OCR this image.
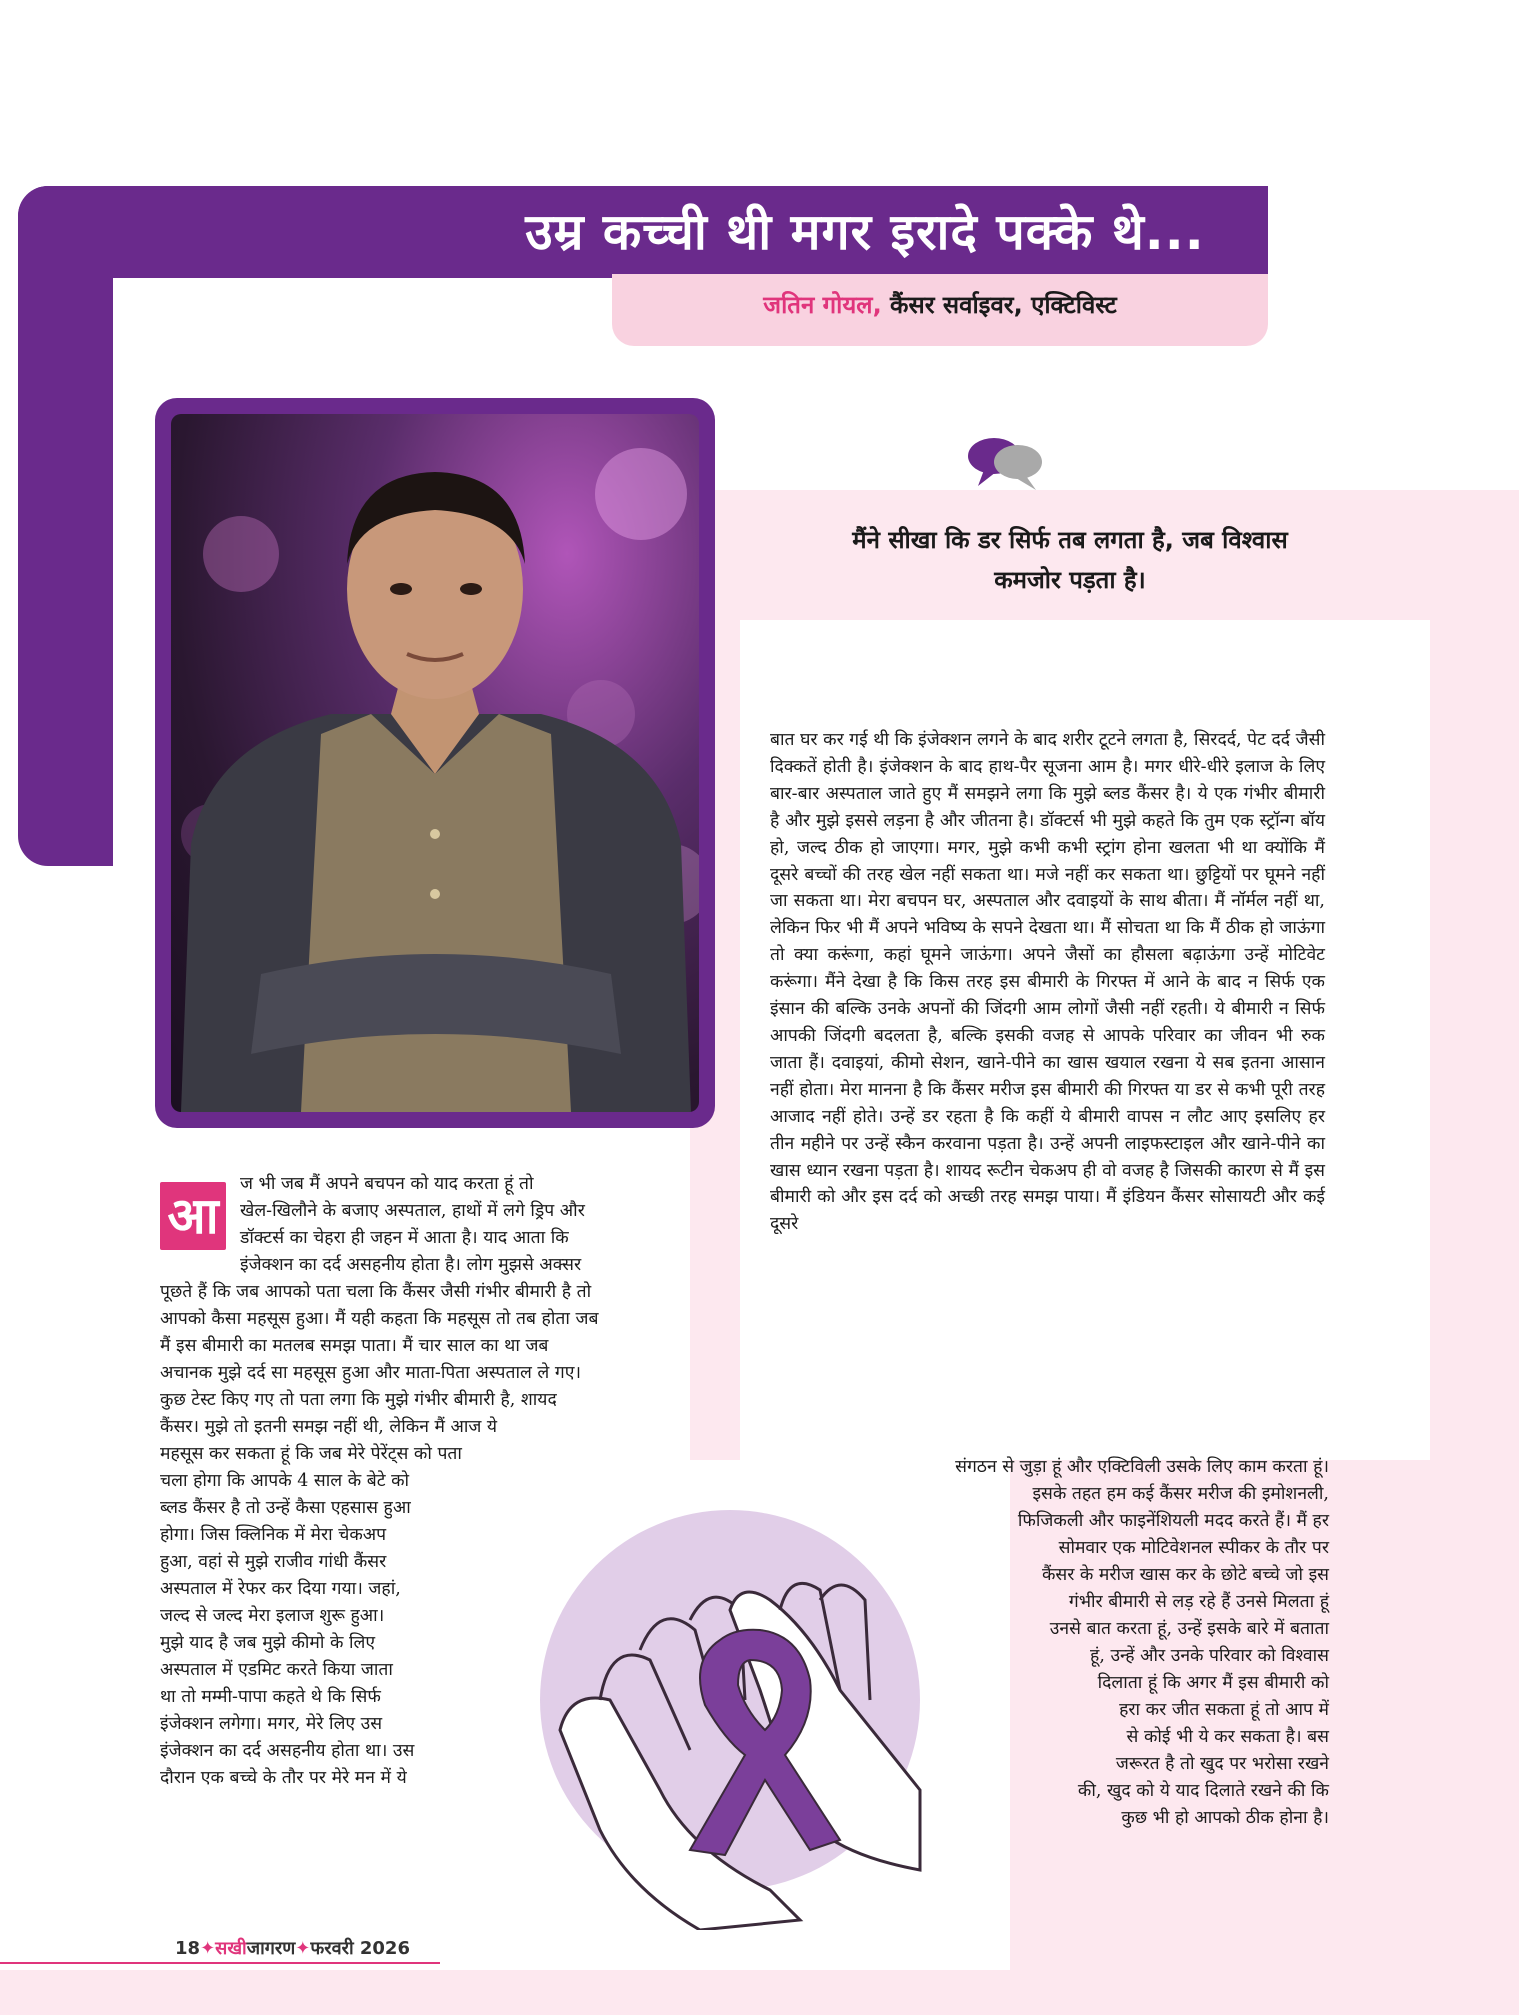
उम्र कच्ची थी मगर इरादे पक्के थे...
जतिन गोयल, कैंसर सर्वाइवर, एक्टिविस्ट
मैंने सीखा कि डर सिर्फ तब लगता है, जब विश्वास
कमजोर पड़ता है।
बात घर कर गई थी कि इंजेक्शन लगने के बाद शरीर टूटने लगता है, सिरदर्द, पेट दर्द जैसी दिक्कतें होती है। इंजेक्शन के बाद हाथ-पैर सूजना आम है। मगर धीरे-धीरे इलाज के लिए बार-बार अस्पताल जाते हुए मैं समझने लगा कि मुझे ब्लड कैंसर है। ये एक गंभीर बीमारी है और मुझे इससे लड़ना है और जीतना है। डॉक्टर्स भी मुझे कहते कि तुम एक स्ट्रॉन्ग बॉय हो, जल्द ठीक हो जाएगा। मगर, मुझे कभी कभी स्ट्रांग होना खलता भी था क्योंकि मैं दूसरे बच्चों की तरह खेल नहीं सकता था। मजे नहीं कर सकता था। छुट्टियों पर घूमने नहीं जा सकता था। मेरा बचपन घर, अस्पताल और दवाइयों के साथ बीता। मैं नॉर्मल नहीं था, लेकिन फिर भी मैं अपने भविष्य के सपने देखता था। मैं सोचता था कि मैं ठीक हो जाऊंगा तो क्या करूंगा, कहां घूमने जाऊंगा। अपने जैसों का हौसला बढ़ाऊंगा उन्हें मोटिवेट करूंगा। मैंने देखा है कि किस तरह इस बीमारी के गिरफ्त में आने के बाद न सिर्फ एक इंसान की बल्कि उनके अपनों की जिंदगी आम लोगों जैसी नहीं रहती। ये बीमारी न सिर्फ आपकी जिंदगी बदलता है, बल्कि इसकी वजह से आपके परिवार का जीवन भी रुक जाता हैं। दवाइयां, कीमो सेशन, खाने-पीने का खास खयाल रखना ये सब इतना आसान नहीं होता। मेरा मानना है कि कैंसर मरीज इस बीमारी की गिरफ्त या डर से कभी पूरी तरह आजाद नहीं होते। उन्हें डर रहता है कि कहीं ये बीमारी वापस न लौट आए इसलिए हर तीन महीने पर उन्हें स्कैन करवाना पड़ता है। उन्हें अपनी लाइफस्टाइल और खाने-पीने का खास ध्यान रखना पड़ता है। शायद रूटीन चेकअप ही वो वजह है जिसकी कारण से मैं इस बीमारी को और इस दर्द को अच्छी तरह समझ पाया। मैं इंडियन कैंसर सोसायटी और कई दूसरे
आ
ज भी जब मैं अपने बचपन को याद करता हूं तो
खेल-खिलौने के बजाए अस्पताल, हाथों में लगे ड्रिप और
डॉक्टर्स का चेहरा ही जहन में आता है। याद आता कि
इंजेक्शन का दर्द असहनीय होता है। लोग मुझसे अक्सर
पूछते हैं कि जब आपको पता चला कि कैंसर जैसी गंभीर बीमारी है तो
आपको कैसा महसूस हुआ। मैं यही कहता कि महसूस तो तब होता जब
मैं इस बीमारी का मतलब समझ पाता। मैं चार साल का था जब
अचानक मुझे दर्द सा महसूस हुआ और माता-पिता अस्पताल ले गए।
कुछ टेस्ट किए गए तो पता लगा कि मुझे गंभीर बीमारी है, शायद
कैंसर। मुझे तो इतनी समझ नहीं थी, लेकिन मैं आज ये
महसूस कर सकता हूं कि जब मेरे पेरेंट्स को पता
चला होगा कि आपके 4 साल के बेटे को
ब्लड कैंसर है तो उन्हें कैसा एहसास हुआ
होगा। जिस क्लिनिक में मेरा चेकअप
हुआ, वहां से मुझे राजीव गांधी कैंसर
अस्पताल में रेफर कर दिया गया। जहां,
जल्द से जल्द मेरा इलाज शुरू हुआ।
मुझे याद है जब मुझे कीमो के लिए
अस्पताल में एडमिट करते किया जाता
था तो मम्मी-पापा कहते थे कि सिर्फ
इंजेक्शन लगेगा। मगर, मेरे लिए उस
इंजेक्शन का दर्द असहनीय होता था। उस
दौरान एक बच्चे के तौर पर मेरे मन में ये
संगठन से जुड़ा हूं और एक्टिविली उसके लिए काम करता हूं।
इसके तहत हम कई कैंसर मरीज की इमोशनली,
फिजिकली और फाइनेंशियली मदद करते हैं। मैं हर
सोमवार एक मोटिवेशनल स्पीकर के तौर पर
कैंसर के मरीज खास कर के छोटे बच्चे जो इस
गंभीर बीमारी से लड़ रहे हैं उनसे मिलता हूं
उनसे बात करता हूं, उन्हें इसके बारे में बताता
हूं, उन्हें और उनके परिवार को विश्वास
दिलाता हूं कि अगर मैं इस बीमारी को
हरा कर जीत सकता हूं तो आप में
से कोई भी ये कर सकता है। बस
जरूरत है तो खुद पर भरोसा रखने
की, खुद को ये याद दिलाते रखने की कि
कुछ भी हो आपको ठीक होना है।
18✦सखीजागरण✦फरवरी 2026
